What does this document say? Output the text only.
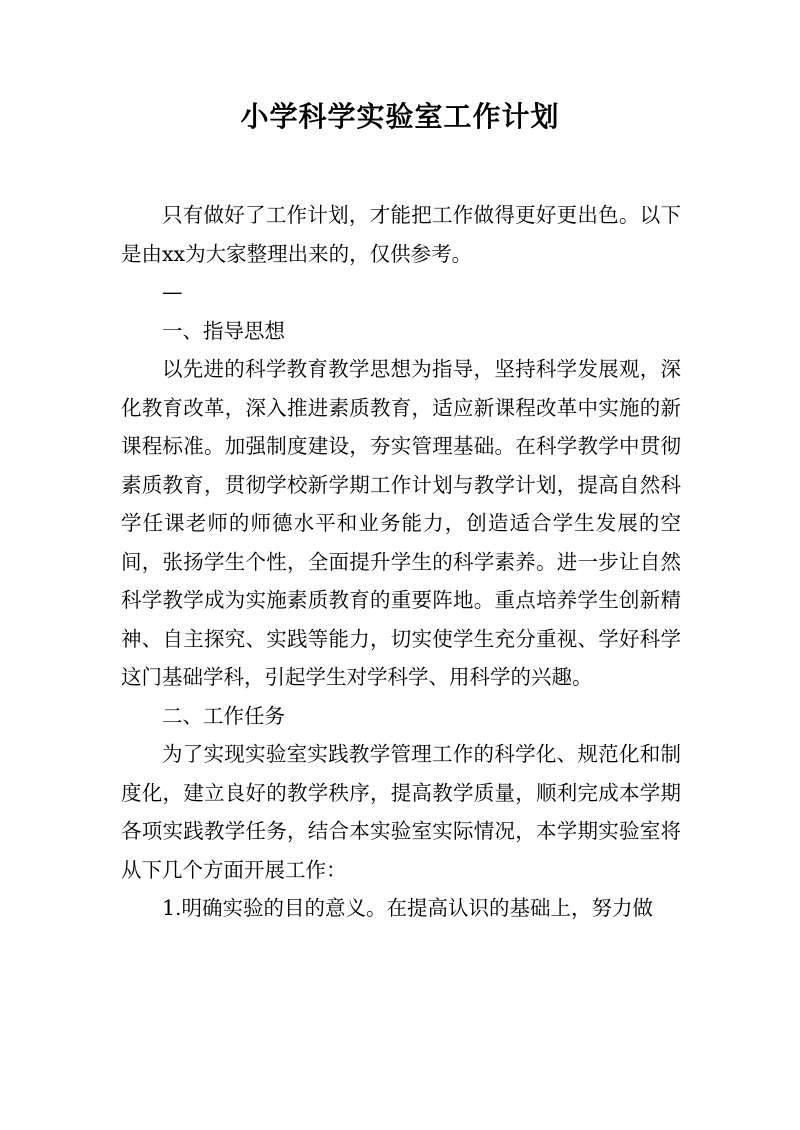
小学科学实验室工作计划

只有做好了工作计划，才能把工作做得更好更出色。以下是由xx为大家整理出来的，仅供参考。

—

一、指导思想

以先进的科学教育教学思想为指导，坚持科学发展观，深化教育改革，深入推进素质教育，适应新课程改革中实施的新课程标准。加强制度建设，夯实管理基础。在科学教学中贯彻素质教育，贯彻学校新学期工作计划与教学计划，提高自然科学任课老师的师德水平和业务能力，创造适合学生发展的空间，张扬学生个性，全面提升学生的科学素养。进一步让自然科学教学成为实施素质教育的重要阵地。重点培养学生创新精神、自主探究、实践等能力，切实使学生充分重视、学好科学这门基础学科，引起学生对学科学、用科学的兴趣。

二、工作任务

为了实现实验室实践教学管理工作的科学化、规范化和制度化，建立良好的教学秩序，提高教学质量，顺利完成本学期各项实践教学任务，结合本实验室实际情况，本学期实验室将从下几个方面开展工作：

1.明确实验的目的意义。在提高认识的基础上，努力做
